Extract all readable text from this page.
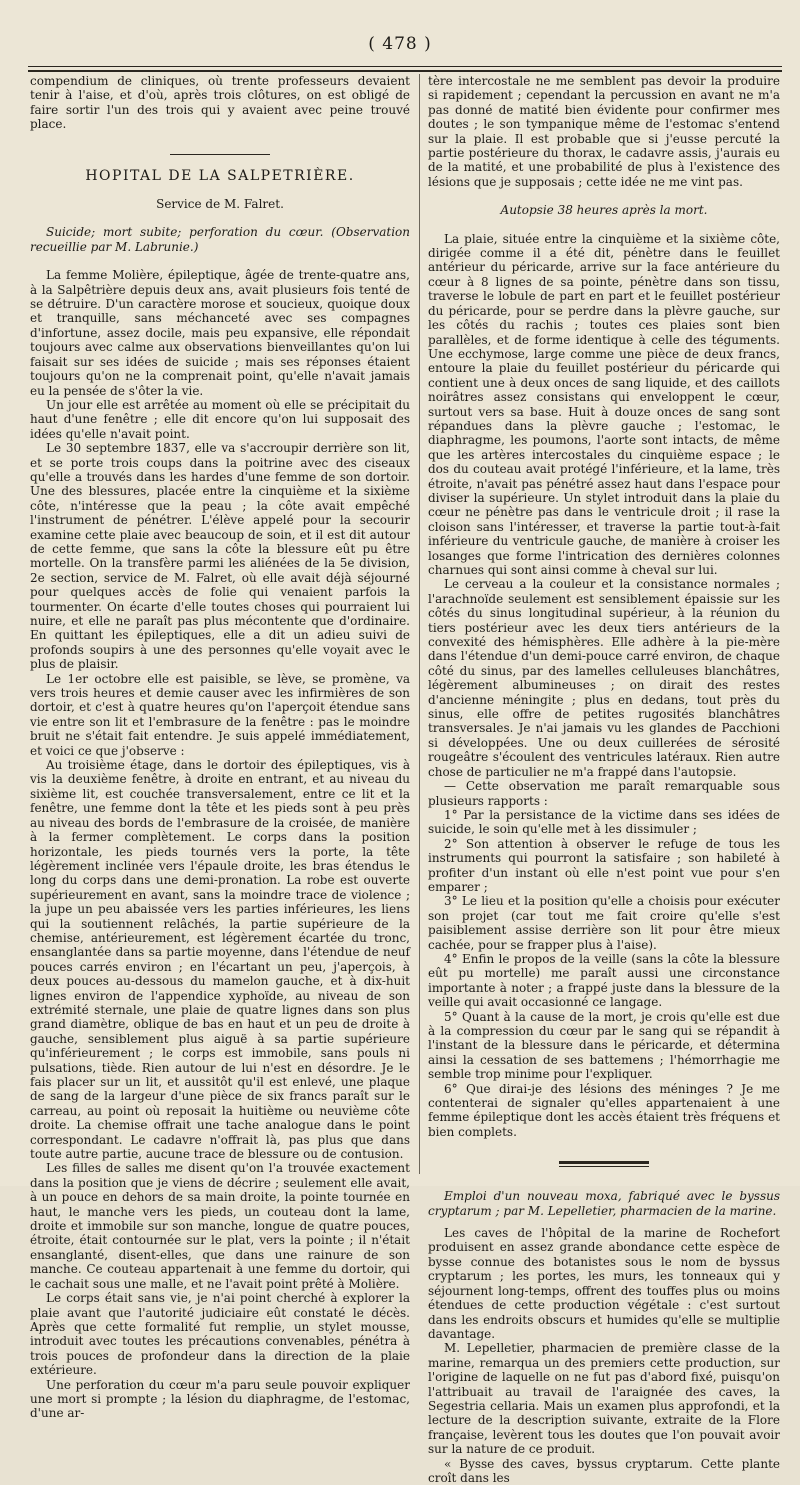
( 478 )

compendium de cliniques, où trente professeurs devaient tenir à l'aise, et d'où, après trois clôtures, on est obligé de faire sortir l'un des trois qui y avaient avec peine trouvé place.

HOPITAL DE LA SALPETRIÈRE.

Service de M. Falret.

Suicide; mort subite; perforation du cœur. (Observation recueillie par M. Labrunie.)

La femme Molière, épileptique, âgée de trente-quatre ans, à la Salpêtrière depuis deux ans, avait plusieurs fois tenté de se détruire. D'un caractère morose et soucieux, quoique doux et tranquille, sans méchanceté avec ses compagnes d'infortune, assez docile, mais peu expansive, elle répondait toujours avec calme aux observations bienveillantes qu'on lui faisait sur ses idées de suicide ; mais ses réponses étaient toujours qu'on ne la comprenait point, qu'elle n'avait jamais eu la pensée de s'ôter la vie.

Un jour elle est arrêtée au moment où elle se précipitait du haut d'une fenêtre ; elle dit encore qu'on lui supposait des idées qu'elle n'avait point.

Le 30 septembre 1837, elle va s'accroupir derrière son lit, et se porte trois coups dans la poitrine avec des ciseaux qu'elle a trouvés dans les hardes d'une femme de son dortoir. Une des blessures, placée entre la cinquième et la sixième côte, n'intéresse que la peau ; la côte avait empêché l'instrument de pénétrer. L'élève appelé pour la secourir examine cette plaie avec beaucoup de soin, et il est dit autour de cette femme, que sans la côte la blessure eût pu être mortelle. On la transfère parmi les aliénées de la 5e division, 2e section, service de M. Falret, où elle avait déjà séjourné pour quelques accès de folie qui venaient parfois la tourmenter. On écarte d'elle toutes choses qui pourraient lui nuire, et elle ne paraît pas plus mécontente que d'ordinaire. En quittant les épileptiques, elle a dit un adieu suivi de profonds soupirs à une des personnes qu'elle voyait avec le plus de plaisir.

Le 1er octobre elle est paisible, se lève, se promène, va vers trois heures et demie causer avec les infirmières de son dortoir, et c'est à quatre heures qu'on l'aperçoit étendue sans vie entre son lit et l'embrasure de la fenêtre : pas le moindre bruit ne s'était fait entendre. Je suis appelé immédiatement, et voici ce que j'observe :

Au troisième étage, dans le dortoir des épileptiques, vis à vis la deuxième fenêtre, à droite en entrant, et au niveau du sixième lit, est couchée transversalement, entre ce lit et la fenêtre, une femme dont la tête et les pieds sont à peu près au niveau des bords de l'embrasure de la croisée, de manière à la fermer complètement. Le corps dans la position horizontale, les pieds tournés vers la porte, la tête légèrement inclinée vers l'épaule droite, les bras étendus le long du corps dans une demi-pronation. La robe est ouverte supérieurement en avant, sans la moindre trace de violence ; la jupe un peu abaissée vers les parties inférieures, les liens qui la soutiennent relâchés, la partie supérieure de la chemise, antérieurement, est légèrement écartée du tronc, ensanglantée dans sa partie moyenne, dans l'étendue de neuf pouces carrés environ ; en l'écartant un peu, j'aperçois, à deux pouces au-dessous du mamelon gauche, et à dix-huit lignes environ de l'appendice xyphoïde, au niveau de son extrémité sternale, une plaie de quatre lignes dans son plus grand diamètre, oblique de bas en haut et un peu de droite à gauche, sensiblement plus aiguë à sa partie supérieure qu'inférieurement ; le corps est immobile, sans pouls ni pulsations, tiède. Rien autour de lui n'est en désordre. Je le fais placer sur un lit, et aussitôt qu'il est enlevé, une plaque de sang de la largeur d'une pièce de six francs paraît sur le carreau, au point où reposait la huitième ou neuvième côte droite. La chemise offrait une tache analogue dans le point correspondant. Le cadavre n'offrait là, pas plus que dans toute autre partie, aucune trace de blessure ou de contusion.

Les filles de salles me disent qu'on l'a trouvée exactement dans la position que je viens de décrire ; seulement elle avait, à un pouce en dehors de sa main droite, la pointe tournée en haut, le manche vers les pieds, un couteau dont la lame, droite et immobile sur son manche, longue de quatre pouces, étroite, était contournée sur le plat, vers la pointe ; il n'était ensanglanté, disent-elles, que dans une rainure de son manche. Ce couteau appartenait à une femme du dortoir, qui le cachait sous une malle, et ne l'avait point prêté à Molière.

Le corps était sans vie, je n'ai point cherché à explorer la plaie avant que l'autorité judiciaire eût constaté le décès. Après que cette formalité fut remplie, un stylet mousse, introduit avec toutes les précautions convenables, pénétra à trois pouces de profondeur dans la direction de la plaie extérieure.

Une perforation du cœur m'a paru seule pouvoir expliquer une mort si prompte ; la lésion du diaphragme, de l'estomac, d'une ar-

tère intercostale ne me semblent pas devoir la produire si rapidement ; cependant la percussion en avant ne m'a pas donné de matité bien évidente pour confirmer mes doutes ; le son tympanique même de l'estomac s'entend sur la plaie. Il est probable que si j'eusse percuté la partie postérieure du thorax, le cadavre assis, j'aurais eu de la matité, et une probabilité de plus à l'existence des lésions que je supposais ; cette idée ne me vint pas.

Autopsie 38 heures après la mort.

La plaie, située entre la cinquième et la sixième côte, dirigée comme il a été dit, pénètre dans le feuillet antérieur du péricarde, arrive sur la face antérieure du cœur à 8 lignes de sa pointe, pénètre dans son tissu, traverse le lobule de part en part et le feuillet postérieur du péricarde, pour se perdre dans la plèvre gauche, sur les côtés du rachis ; toutes ces plaies sont bien parallèles, et de forme identique à celle des téguments. Une ecchymose, large comme une pièce de deux francs, entoure la plaie du feuillet postérieur du péricarde qui contient une à deux onces de sang liquide, et des caillots noirâtres assez consistans qui enveloppent le cœur, surtout vers sa base. Huit à douze onces de sang sont répandues dans la plèvre gauche ; l'estomac, le diaphragme, les poumons, l'aorte sont intacts, de même que les artères intercostales du cinquième espace ; le dos du couteau avait protégé l'inférieure, et la lame, très étroite, n'avait pas pénétré assez haut dans l'espace pour diviser la supérieure. Un stylet introduit dans la plaie du cœur ne pénètre pas dans le ventricule droit ; il rase la cloison sans l'intéresser, et traverse la partie tout-à-fait inférieure du ventricule gauche, de manière à croiser les losanges que forme l'intrication des dernières colonnes charnues qui sont ainsi comme à cheval sur lui.

Le cerveau a la couleur et la consistance normales ; l'arachnoïde seulement est sensiblement épaissie sur les côtés du sinus longitudinal supérieur, à la réunion du tiers postérieur avec les deux tiers antérieurs de la convexité des hémisphères. Elle adhère à la pie-mère dans l'étendue d'un demi-pouce carré environ, de chaque côté du sinus, par des lamelles celluleuses blanchâtres, légèrement albumineuses ; on dirait des restes d'ancienne méningite ; plus en dedans, tout près du sinus, elle offre de petites rugosités blanchâtres transversales. Je n'ai jamais vu les glandes de Pacchioni si développées. Une ou deux cuillerées de sérosité rougeâtre s'écoulent des ventricules latéraux. Rien autre chose de particulier ne m'a frappé dans l'autopsie.

— Cette observation me paraît remarquable sous plusieurs rapports :

1° Par la persistance de la victime dans ses idées de suicide, le soin qu'elle met à les dissimuler ;

2° Son attention à observer le refuge de tous les instruments qui pourront la satisfaire ; son habileté à profiter d'un instant où elle n'est point vue pour s'en emparer ;

3° Le lieu et la position qu'elle a choisis pour exécuter son projet (car tout me fait croire qu'elle s'est paisiblement assise derrière son lit pour être mieux cachée, pour se frapper plus à l'aise).

4° Enfin le propos de la veille (sans la côte la blessure eût pu mortelle) me paraît aussi une circonstance importante à noter ; a frappé juste dans la blessure de la veille qui avait occasionné ce langage.

5° Quant à la cause de la mort, je crois qu'elle est due à la compression du cœur par le sang qui se répandit à l'instant de la blessure dans le péricarde, et détermina ainsi la cessation de ses battemens ; l'hémorrhagie me semble trop minime pour l'expliquer.

6° Que dirai-je des lésions des méninges ? Je me contenterai de signaler qu'elles appartenaient à une femme épileptique dont les accès étaient très fréquens et bien complets.

Emploi d'un nouveau moxa, fabriqué avec le byssus cryptarum ; par M. Lepelletier, pharmacien de la marine.

Les caves de l'hôpital de la marine de Rochefort produisent en assez grande abondance cette espèce de bysse connue des botanistes sous le nom de byssus cryptarum ; les portes, les murs, les tonneaux qui y séjournent long-temps, offrent des touffes plus ou moins étendues de cette production végétale : c'est surtout dans les endroits obscurs et humides qu'elle se multiplie davantage.

M. Lepelletier, pharmacien de première classe de la marine, remarqua un des premiers cette production, sur l'origine de laquelle on ne fut pas d'abord fixé, puisqu'on l'attribuait au travail de l'araignée des caves, la Segestria cellaria. Mais un examen plus approfondi, et la lecture de la description suivante, extraite de la Flore française, levèrent tous les doutes que l'on pouvait avoir sur la nature de ce produit.

« Bysse des caves, byssus cryptarum. Cette plante croît dans les
